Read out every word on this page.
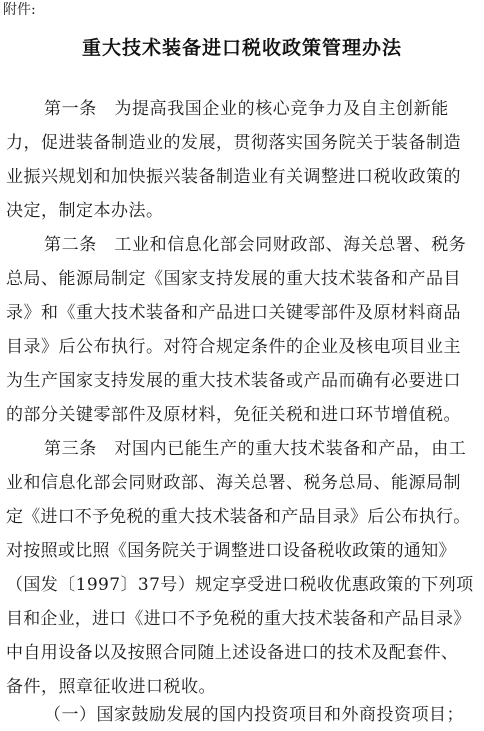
附件:
重大技术装备进口税收政策管理办法
第一条　为提高我国企业的核心竞争力及自主创新能
力，促进装备制造业的发展，贯彻落实国务院关于装备制造
业振兴规划和加快振兴装备制造业有关调整进口税收政策的
决定，制定本办法。
第二条　工业和信息化部会同财政部、海关总署、税务
总局、能源局制定《国家支持发展的重大技术装备和产品目
录》和《重大技术装备和产品进口关键零部件及原材料商品
目录》后公布执行。对符合规定条件的企业及核电项目业主
为生产国家支持发展的重大技术装备或产品而确有必要进口
的部分关键零部件及原材料，免征关税和进口环节增值税。
第三条　对国内已能生产的重大技术装备和产品，由工
业和信息化部会同财政部、海关总署、税务总局、能源局制
定《进口不予免税的重大技术装备和产品目录》后公布执行。
对按照或比照《国务院关于调整进口设备税收政策的通知》
（国发〔1997〕37号）规定享受进口税收优惠政策的下列项
目和企业，进口《进口不予免税的重大技术装备和产品目录》
中自用设备以及按照合同随上述设备进口的技术及配套件、
备件，照章征收进口税收。
（一）国家鼓励发展的国内投资项目和外商投资项目；
